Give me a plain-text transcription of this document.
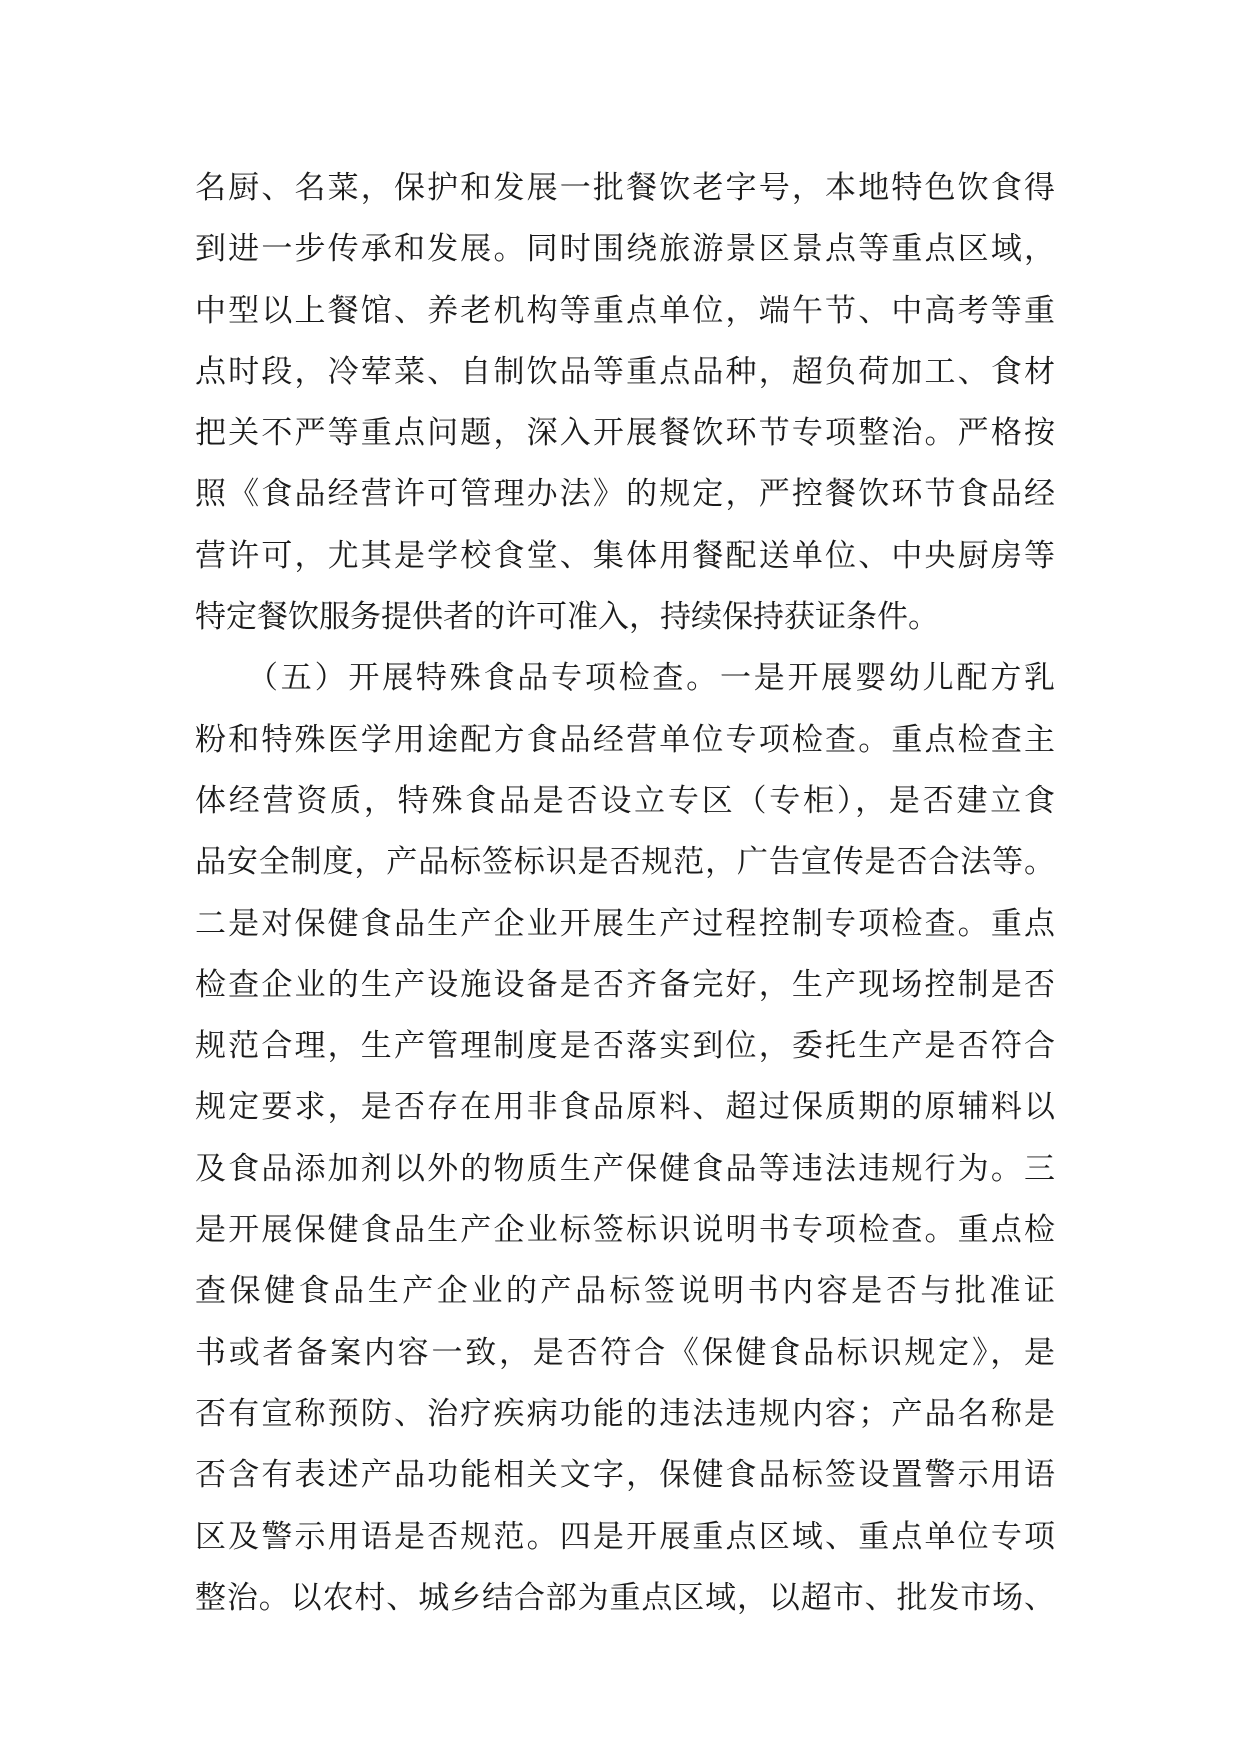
名厨、名菜，保护和发展一批餐饮老字号，本地特色饮食得
到进一步传承和发展。同时围绕旅游景区景点等重点区域，
中型以上餐馆、养老机构等重点单位，端午节、中高考等重
点时段，冷荤菜、自制饮品等重点品种，超负荷加工、食材
把关不严等重点问题，深入开展餐饮环节专项整治。严格按
照《食品经营许可管理办法》的规定，严控餐饮环节食品经
营许可，尤其是学校食堂、集体用餐配送单位、中央厨房等
特定餐饮服务提供者的许可准入，持续保持获证条件。
（五）开展特殊食品专项检查。一是开展婴幼儿配方乳
粉和特殊医学用途配方食品经营单位专项检查。重点检查主
体经营资质，特殊食品是否设立专区（专柜），是否建立食
品安全制度，产品标签标识是否规范，广告宣传是否合法等。
二是对保健食品生产企业开展生产过程控制专项检查。重点
检查企业的生产设施设备是否齐备完好，生产现场控制是否
规范合理，生产管理制度是否落实到位，委托生产是否符合
规定要求，是否存在用非食品原料、超过保质期的原辅料以
及食品添加剂以外的物质生产保健食品等违法违规行为。三
是开展保健食品生产企业标签标识说明书专项检查。重点检
查保健食品生产企业的产品标签说明书内容是否与批准证
书或者备案内容一致，是否符合《保健食品标识规定》，是
否有宣称预防、治疗疾病功能的违法违规内容；产品名称是
否含有表述产品功能相关文字，保健食品标签设置警示用语
区及警示用语是否规范。四是开展重点区域、重点单位专项
整治。以农村、城乡结合部为重点区域，以超市、批发市场、
